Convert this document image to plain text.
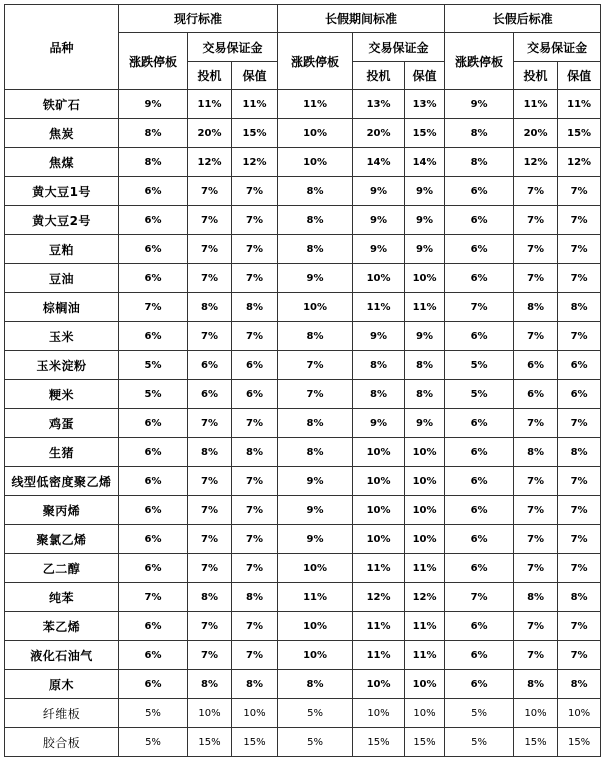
品种	现行标准			长假期间标准			长假后标准		
	涨跌停板	交易保证金		涨跌停板	交易保证金		涨跌停板	交易保证金	
		投机	保值		投机	保值		投机	保值
铁矿石	9%	11%	11%	11%	13%	13%	9%	11%	11%
焦炭	8%	20%	15%	10%	20%	15%	8%	20%	15%
焦煤	8%	12%	12%	10%	14%	14%	8%	12%	12%
黄大豆1号	6%	7%	7%	8%	9%	9%	6%	7%	7%
黄大豆2号	6%	7%	7%	8%	9%	9%	6%	7%	7%
豆粕	6%	7%	7%	8%	9%	9%	6%	7%	7%
豆油	6%	7%	7%	9%	10%	10%	6%	7%	7%
棕榈油	7%	8%	8%	10%	11%	11%	7%	8%	8%
玉米	6%	7%	7%	8%	9%	9%	6%	7%	7%
玉米淀粉	5%	6%	6%	7%	8%	8%	5%	6%	6%
粳米	5%	6%	6%	7%	8%	8%	5%	6%	6%
鸡蛋	6%	7%	7%	8%	9%	9%	6%	7%	7%
生猪	6%	8%	8%	8%	10%	10%	6%	8%	8%
线型低密度聚乙烯	6%	7%	7%	9%	10%	10%	6%	7%	7%
聚丙烯	6%	7%	7%	9%	10%	10%	6%	7%	7%
聚氯乙烯	6%	7%	7%	9%	10%	10%	6%	7%	7%
乙二醇	6%	7%	7%	10%	11%	11%	6%	7%	7%
纯苯	7%	8%	8%	11%	12%	12%	7%	8%	8%
苯乙烯	6%	7%	7%	10%	11%	11%	6%	7%	7%
液化石油气	6%	7%	7%	10%	11%	11%	6%	7%	7%
原木	6%	8%	8%	8%	10%	10%	6%	8%	8%
纤维板	5%	10%	10%	5%	10%	10%	5%	10%	10%
胶合板	5%	15%	15%	5%	15%	15%	5%	15%	15%
